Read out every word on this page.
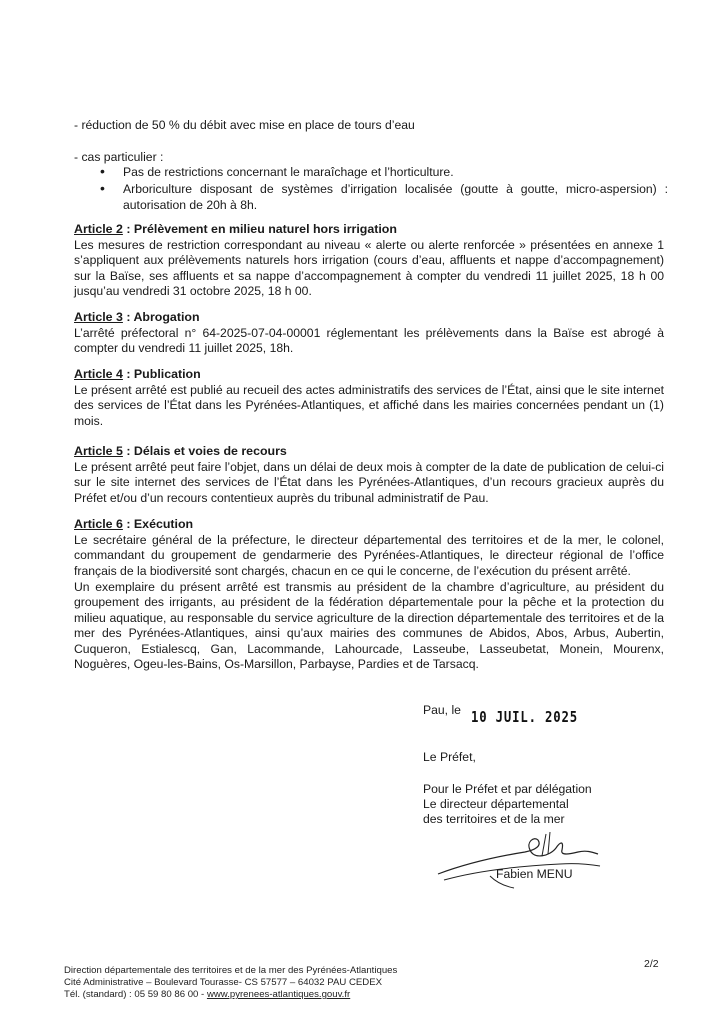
- réduction de 50 % du débit avec mise en place de tours d’eau
- cas particulier :
• Pas de restrictions concernant le maraîchage et l’horticulture.
• Arboriculture disposant de systèmes d’irrigation localisée (goutte à goutte, micro-aspersion) : autorisation de 20h à 8h.
Article 2 : Prélèvement en milieu naturel hors irrigation
Les mesures de restriction correspondant au niveau « alerte ou alerte renforcée » présentées en annexe 1 s’appliquent aux prélèvements naturels hors irrigation (cours d’eau, affluents et nappe d’accompagnement) sur la Baïse, ses affluents et sa nappe d’accompagnement à compter du vendredi 11 juillet 2025, 18 h 00 jusqu’au vendredi 31 octobre 2025, 18 h 00.
Article 3 : Abrogation
L’arrêté préfectoral n° 64-2025-07-04-00001 réglementant les prélèvements dans la Baïse est abrogé à compter du vendredi 11 juillet 2025, 18h.
Article 4 : Publication
Le présent arrêté est publié au recueil des actes administratifs des services de l’État, ainsi que le site internet des services de l’État dans les Pyrénées-Atlantiques, et affiché dans les mairies concernées pendant un (1) mois.
Article 5 : Délais et voies de recours
Le présent arrêté peut faire l’objet, dans un délai de deux mois à compter de la date de publication de celui-ci sur le site internet des services de l’État dans les Pyrénées-Atlantiques, d’un recours gracieux auprès du Préfet et/ou d’un recours contentieux auprès du tribunal administratif de Pau.
Article 6 : Exécution
Le secrétaire général de la préfecture, le directeur départemental des territoires et de la mer, le colonel, commandant du groupement de gendarmerie des Pyrénées-Atlantiques, le directeur régional de l’office français de la biodiversité sont chargés, chacun en ce qui le concerne, de l’exécution du présent arrêté.
Un exemplaire du présent arrêté est transmis au président de la chambre d’agriculture, au président du groupement des irrigants, au président de la fédération départementale pour la pêche et la protection du milieu aquatique, au responsable du service agriculture de la direction départementale des territoires et de la mer des Pyrénées-Atlantiques, ainsi qu’aux mairies des communes de Abidos, Abos, Arbus, Aubertin, Cuqueron, Estialescq, Gan, Lacommande, Lahourcade, Lasseube, Lasseubetat, Monein, Mourenx, Noguères, Ogeu-les-Bains, Os-Marsillon, Parbayse, Pardies et de Tarsacq.
Pau, le 10 JUIL. 2025
Le Préfet,
Pour le Préfet et par délégation
Le directeur départemental
des territoires et de la mer
Fabien MENU
2/2
Direction départementale des territoires et de la mer des Pyrénées-Atlantiques
Cité Administrative – Boulevard Tourasse- CS 57577 – 64032 PAU CEDEX
Tél. (standard) : 05 59 80 86 00 - www.pyrenees-atlantiques.gouv.fr
